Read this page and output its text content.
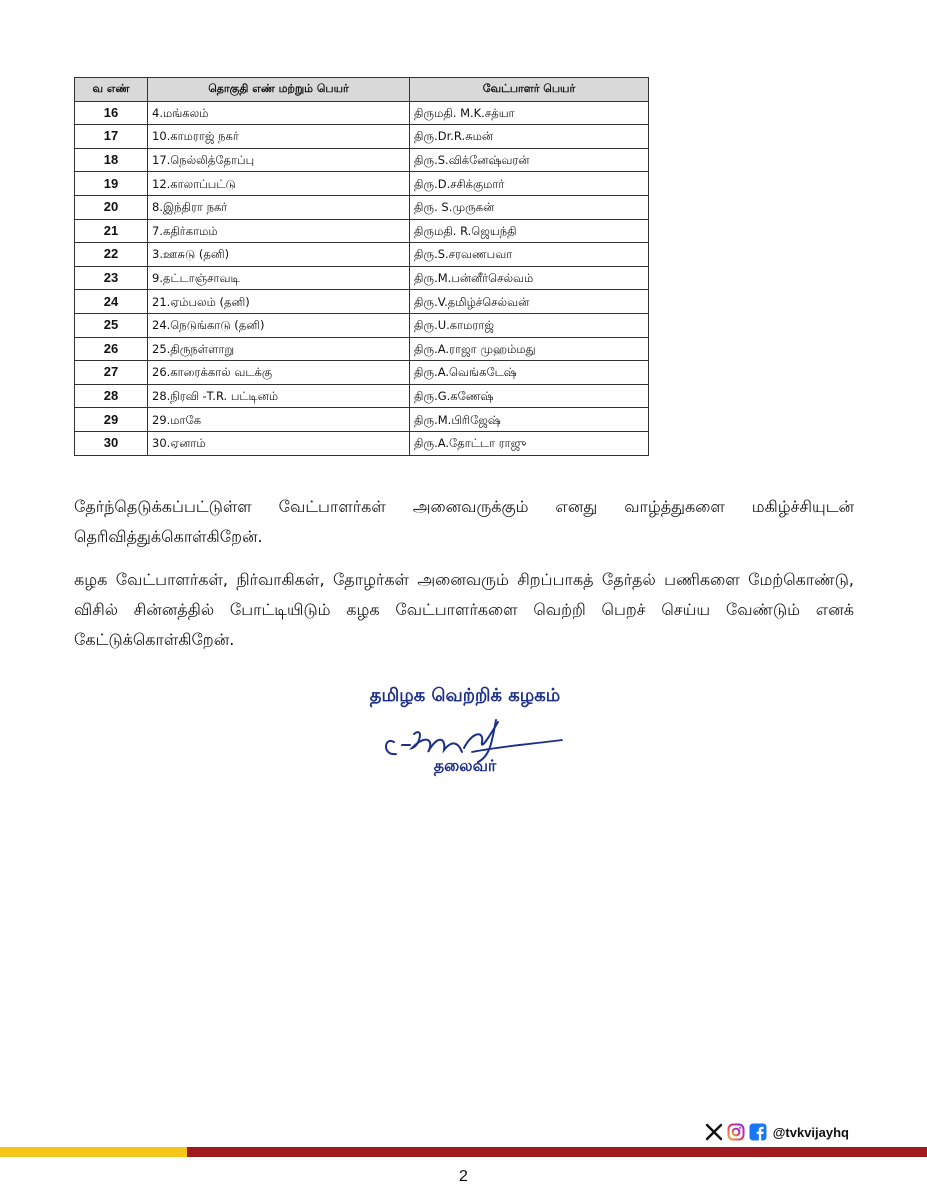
வ எண்	தொகுதி எண் மற்றும் பெயர்	வேட்பாளர் பெயர்
16	4.மங்கலம்	திருமதி. M.K.சத்யா
17	10.காமராஜ் நகர்	திரு.Dr.R.சுமன்
18	17.நெல்லித்தோப்பு	திரு.S.விக்னேஷ்வரன்
19	12.காலாப்பட்டு	திரு.D.சசிக்குமார்
20	8.இந்திரா நகர்	திரு. S.முருகன்
21	7.கதிர்காமம்	திருமதி. R.ஜெயந்தி
22	3.ஊசுடு (தனி)	திரு.S.சரவணபவா
23	9.தட்டாஞ்சாவடி	திரு.M.பன்னீர்செல்வம்
24	21.ஏம்பலம் (தனி)	திரு.V.தமிழ்ச்செல்வன்
25	24.நெடுங்காடு (தனி)	திரு.U.காமராஜ்
26	25.திருநள்ளாறு	திரு.A.ராஜா முஹம்மது
27	26.காரைக்கால் வடக்கு	திரு.A.வெங்கடேஷ்
28	28.நிரவி -T.R. பட்டினம்	திரு.G.கணேஷ்
29	29.மாகே	திரு.M.பிரிஜேஷ்
30	30.ஏனாம்	திரு.A.தோட்டா ராஜு

தேர்ந்தெடுக்கப்பட்டுள்ள வேட்பாளர்கள் அனைவருக்கும் எனது வாழ்த்துகளை மகிழ்ச்சியுடன் தெரிவித்துக்கொள்கிறேன்.

கழக வேட்பாளர்கள், நிர்வாகிகள், தோழர்கள் அனைவரும் சிறப்பாகத் தேர்தல் பணிகளை மேற்கொண்டு, விசில் சின்னத்தில் போட்டியிடும் கழக வேட்பாளர்களை வெற்றி பெறச் செய்ய வேண்டும் எனக் கேட்டுக்கொள்கிறேன்.

தமிழக வெற்றிக் கழகம்
தலைவர்
@tvkvijayhq
2
